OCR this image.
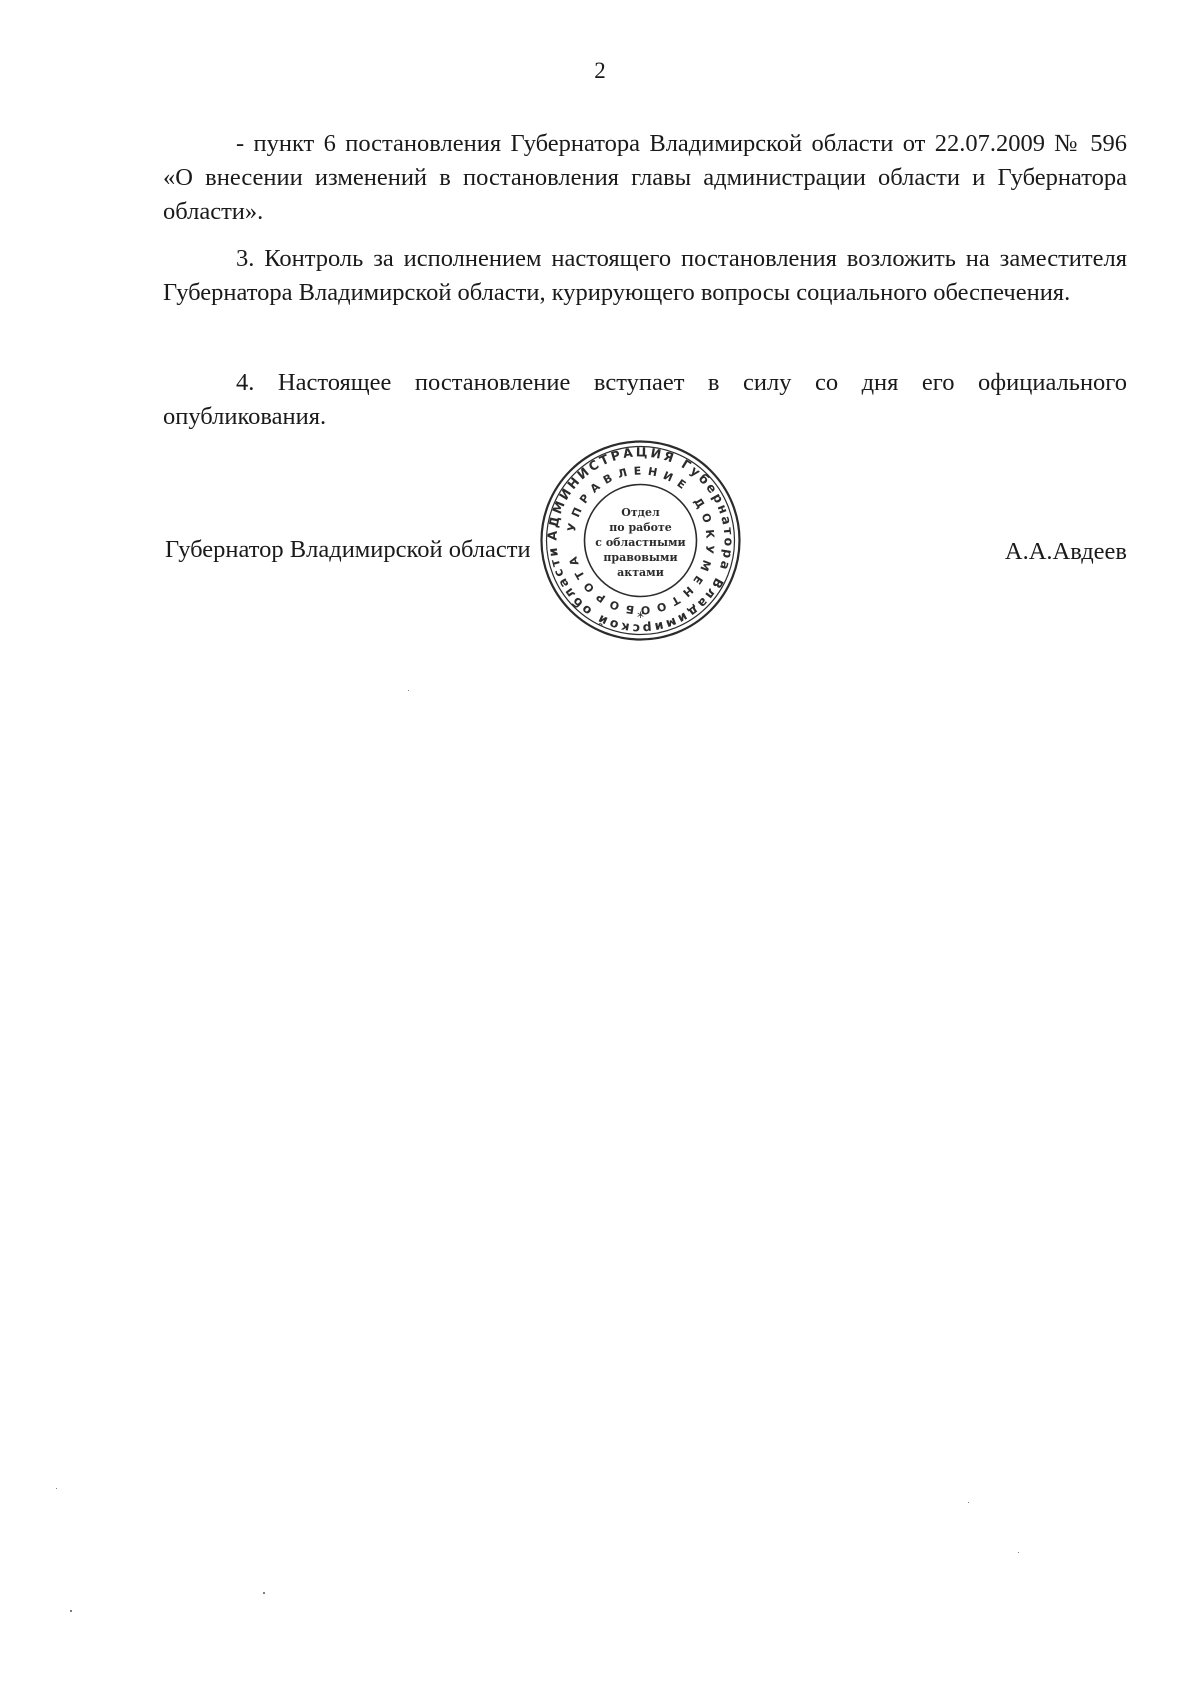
2

- пункт 6 постановления Губернатора Владимирской области от 22.07.2009 № 596 «О внесении изменений в постановления главы администрации области и Губернатора области».

3. Контроль за исполнением настоящего постановления возложить на заместителя Губернатора Владимирской области, курирующего вопросы социального обеспечения.

4. Настоящее постановление вступает в силу со дня его официального опубликования.

Губернатор Владимирской области	А.А.Авдеев
АДМИНИСТРАЦИЯ Губернатора Владимирской области
УПРАВЛЕНИЕ ДОКУМЕНТООБОРОТА
Отдел
по работе
с областными
правовыми
актами
*
